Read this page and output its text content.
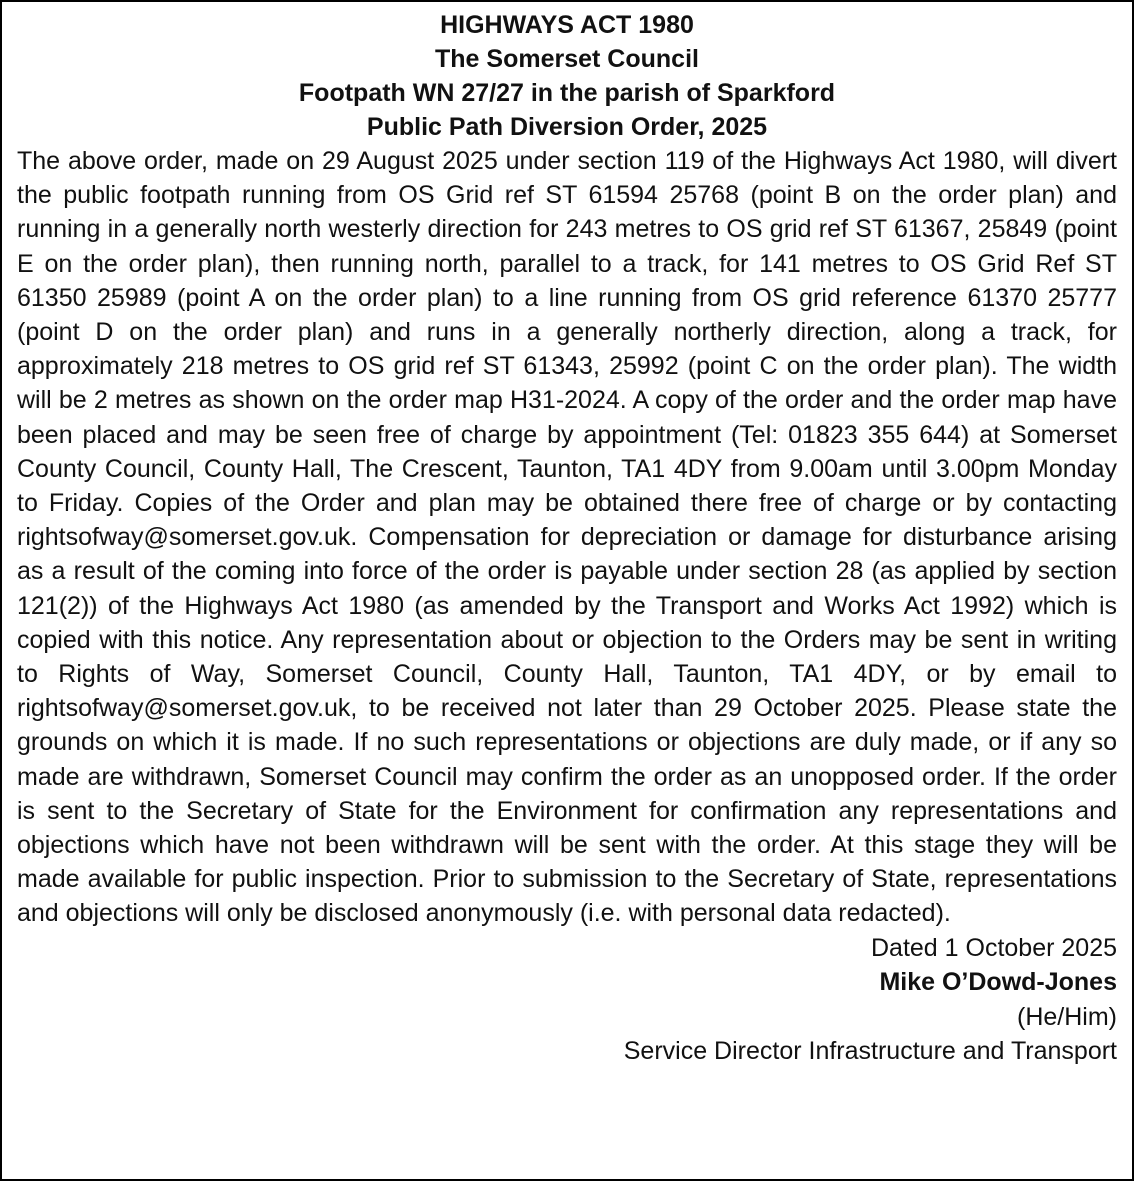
HIGHWAYS ACT 1980

The Somerset Council

Footpath WN 27/27 in the parish of Sparkford

Public Path Diversion Order, 2025

The above order, made on 29 August 2025 under section 119 of the Highways Act 1980, will divert the public footpath running from OS Grid ref ST 61594 25768 (point B on the order plan) and running in a generally north westerly direction for 243 metres to OS grid ref ST 61367, 25849 (point E on the order plan), then running north, parallel to a track, for 141 metres to OS Grid Ref ST 61350 25989 (point A on the order plan) to a line running from OS grid reference 61370 25777 (point D on the order plan) and runs in a generally northerly direction, along a track, for approximately 218 metres to OS grid ref ST 61343, 25992 (point C on the order plan). The width will be 2 metres as shown on the order map H31-2024. A copy of the order and the order map have been placed and may be seen free of charge by appointment (Tel: 01823 355 644) at Somerset County Council, County Hall, The Crescent, Taunton, TA1 4DY from 9.00am until 3.00pm Monday to Friday. Copies of the Order and plan may be obtained there free of charge or by contacting rightsofway@somerset.gov.uk. Compensation for depreciation or damage for disturbance arising as a result of the coming into force of the order is payable under section 28 (as applied by section 121(2)) of the Highways Act 1980 (as amended by the Transport and Works Act 1992) which is copied with this notice. Any representation about or objection to the Orders may be sent in writing to Rights of Way, Somerset Council, County Hall, Taunton, TA1 4DY, or by email to rightsofway@somerset.gov.uk, to be received not later than 29 October 2025. Please state the grounds on which it is made. If no such representations or objections are duly made, or if any so made are withdrawn, Somerset Council may confirm the order as an unopposed order. If the order is sent to the Secretary of State for the Environment for confirmation any representations and objections which have not been withdrawn will be sent with the order. At this stage they will be made available for public inspection. Prior to submission to the Secretary of State, representations and objections will only be disclosed anonymously (i.e. with personal data redacted).

Dated 1 October 2025

Mike O’Dowd-Jones

(He/Him)

Service Director Infrastructure and Transport
